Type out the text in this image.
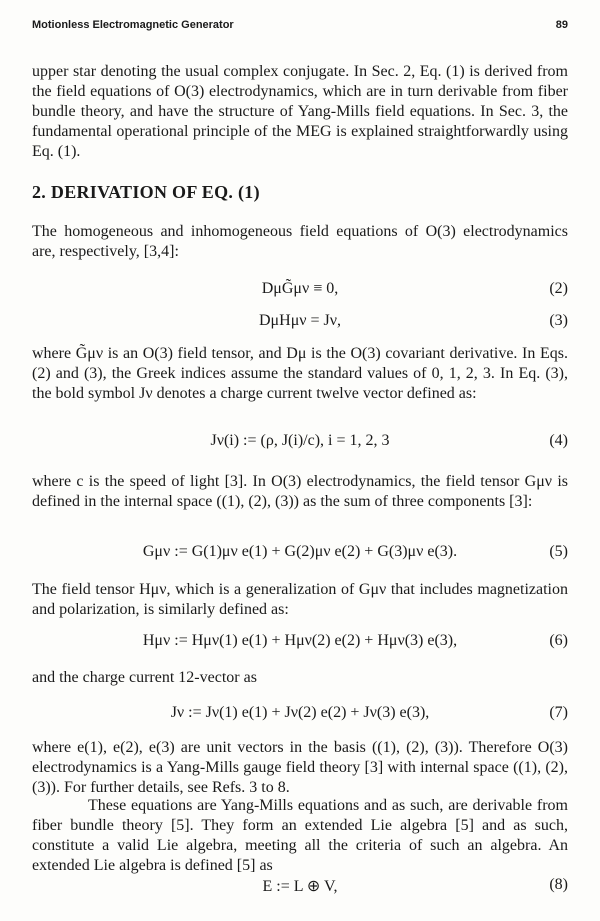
Motionless Electromagnetic Generator	89

upper star denoting the usual complex conjugate. In Sec. 2, Eq. (1) is derived from the field equations of O(3) electrodynamics, which are in turn derivable from fiber bundle theory, and have the structure of Yang-Mills field equations. In Sec. 3, the fundamental operational principle of the MEG is explained straightforwardly using Eq. (1).

2. DERIVATION OF EQ. (1)

The homogeneous and inhomogeneous field equations of O(3) electrodynamics are, respectively, [3,4]:

DμG̃μν ≡ 0,	(2)
DμHμν = Jν,	(3)

where G̃μν is an O(3) field tensor, and Dμ is the O(3) covariant derivative. In Eqs. (2) and (3), the Greek indices assume the standard values of 0, 1, 2, 3. In Eq. (3), the bold symbol Jν denotes a charge current twelve vector defined as:

Jν(i) := (ρ, J(i)/c), i = 1, 2, 3	(4)

where c is the speed of light [3]. In O(3) electrodynamics, the field tensor Gμν is defined in the internal space ((1), (2), (3)) as the sum of three components [3]:

Gμν := G(1)μν e(1) + G(2)μν e(2) + G(3)μν e(3).	(5)

The field tensor Hμν, which is a generalization of Gμν that includes magnetization and polarization, is similarly defined as:

Hμν := Hμν(1) e(1) + Hμν(2) e(2) + Hμν(3) e(3),	(6)

and the charge current 12-vector as

Jν := Jν(1) e(1) + Jν(2) e(2) + Jν(3) e(3),	(7)

where e(1), e(2), e(3) are unit vectors in the basis ((1), (2), (3)). Therefore O(3) electrodynamics is a Yang-Mills gauge field theory [3] with internal space ((1), (2), (3)). For further details, see Refs. 3 to 8.

These equations are Yang-Mills equations and as such, are derivable from fiber bundle theory [5]. They form an extended Lie algebra [5] and as such, constitute a valid Lie algebra, meeting all the criteria of such an algebra. An extended Lie algebra is defined [5] as

E := L ⊕ V,	(8)
